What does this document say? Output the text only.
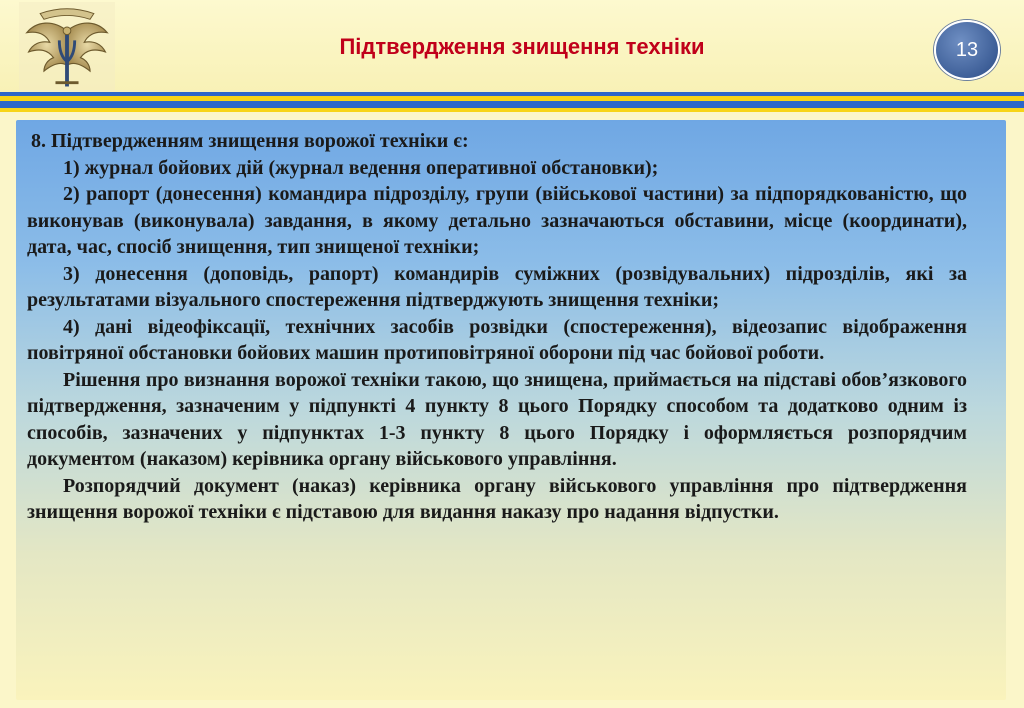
Підтвердження знищення техніки	13

8. Підтвердженням знищення ворожої техніки є:

1) журнал бойових дій (журнал ведення оперативної обстановки);

2) рапорт (донесення) командира підрозділу, групи (військової частини) за підпорядкованістю, що виконував (виконувала) завдання, в якому детально зазначаються обставини, місце (координати), дата, час, спосіб знищення, тип знищеної техніки;

3) донесення (доповідь, рапорт) командирів суміжних (розвідувальних) підрозділів, які за результатами візуального спостереження підтверджують знищення техніки;

4) дані відеофіксації, технічних засобів розвідки (спостереження), відеозапис відображення повітряної обстановки бойових машин протиповітряної оборони під час бойової роботи.

Рішення про визнання ворожої техніки такою, що знищена, приймається на підставі обов’язкового підтвердження, зазначеним у підпункті 4 пункту 8 цього Порядку способом та додатково одним із способів, зазначених у підпунктах 1-3 пункту 8 цього Порядку і оформляється розпорядчим документом (наказом) керівника органу військового управління.

Розпорядчий документ (наказ) керівника органу військового управління про підтвердження знищення ворожої техніки є підставою для видання наказу про надання відпустки.
